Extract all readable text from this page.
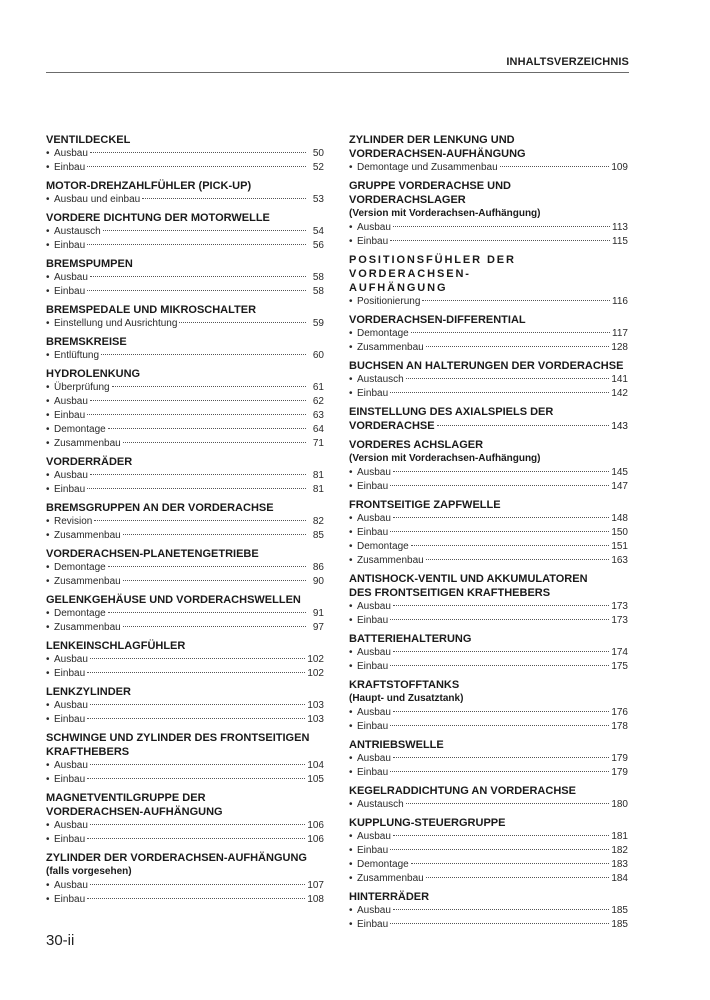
INHALTSVERZEICHNIS
VENTILDECKEL
• Ausbau	50
• Einbau	52
MOTOR-DREHZAHLFÜHLER (PICK-UP)
• Ausbau und einbau	53
VORDERE DICHTUNG DER MOTORWELLE
• Austausch	54
• Einbau	56
BREMSPUMPEN
• Ausbau	58
• Einbau	58
BREMSPEDALE UND MIKROSCHALTER
• Einstellung und Ausrichtung	59
BREMSKREISE
• Entlüftung	60
HYDROLENKUNG
• Überprüfung	61
• Ausbau	62
• Einbau	63
• Demontage	64
• Zusammenbau	71
VORDERRÄDER
• Ausbau	81
• Einbau	81
BREMSGRUPPEN AN DER VORDERACHSE
• Revision	82
• Zusammenbau	85
VORDERACHSEN-PLANETENGETRIEBE
• Demontage	86
• Zusammenbau	90
GELENKGEHÄUSE UND VORDERACHSWELLEN
• Demontage	91
• Zusammenbau	97
LENKEINSCHLAGFÜHLER
• Ausbau	102
• Einbau	102
LENKZYLINDER
• Ausbau	103
• Einbau	103
SCHWINGE UND ZYLINDER DES FRONTSEITIGEN
KRAFTHEBERS
• Ausbau	104
• Einbau	105
MAGNETVENTILGRUPPE DER
VORDERACHSEN-AUFHÄNGUNG
• Ausbau	106
• Einbau	106
ZYLINDER DER VORDERACHSEN-AUFHÄNGUNG
(falls vorgesehen)
• Ausbau	107
• Einbau	108
ZYLINDER DER LENKUNG UND
VORDERACHSEN-AUFHÄNGUNG
• Demontage und Zusammenbau	109
GRUPPE VORDERACHSE UND VORDERACHSLAGER
(Version mit Vorderachsen-Aufhängung)
• Ausbau	113
• Einbau	115
POSITIONSFÜHLER DER VORDERACHSEN-
AUFHÄNGUNG
• Positionierung	116
VORDERACHSEN-DIFFERENTIAL
• Demontage	117
• Zusammenbau	128
BUCHSEN AN HALTERUNGEN DER VORDERACHSE
• Austausch	141
• Einbau	142
EINSTELLUNG DES AXIALSPIELS DER
VORDERACHSE	143
VORDERES ACHSLAGER
(Version mit Vorderachsen-Aufhängung)
• Ausbau	145
• Einbau	147
FRONTSEITIGE ZAPFWELLE
• Ausbau	148
• Einbau	150
• Demontage	151
• Zusammenbau	163
ANTISHOCK-VENTIL UND AKKUMULATOREN
DES FRONTSEITIGEN KRAFTHEBERS
• Ausbau	173
• Einbau	173
BATTERIEHALTERUNG
• Ausbau	174
• Einbau	175
KRAFTSTOFFTANKS
(Haupt- und Zusatztank)
• Ausbau	176
• Einbau	178
ANTRIEBSWELLE
• Ausbau	179
• Einbau	179
KEGELRADDICHTUNG AN VORDERACHSE
• Austausch	180
KUPPLUNG-STEUERGRUPPE
• Ausbau	181
• Einbau	182
• Demontage	183
• Zusammenbau	184
HINTERRÄDER
• Ausbau	185
• Einbau	185
30-ii
